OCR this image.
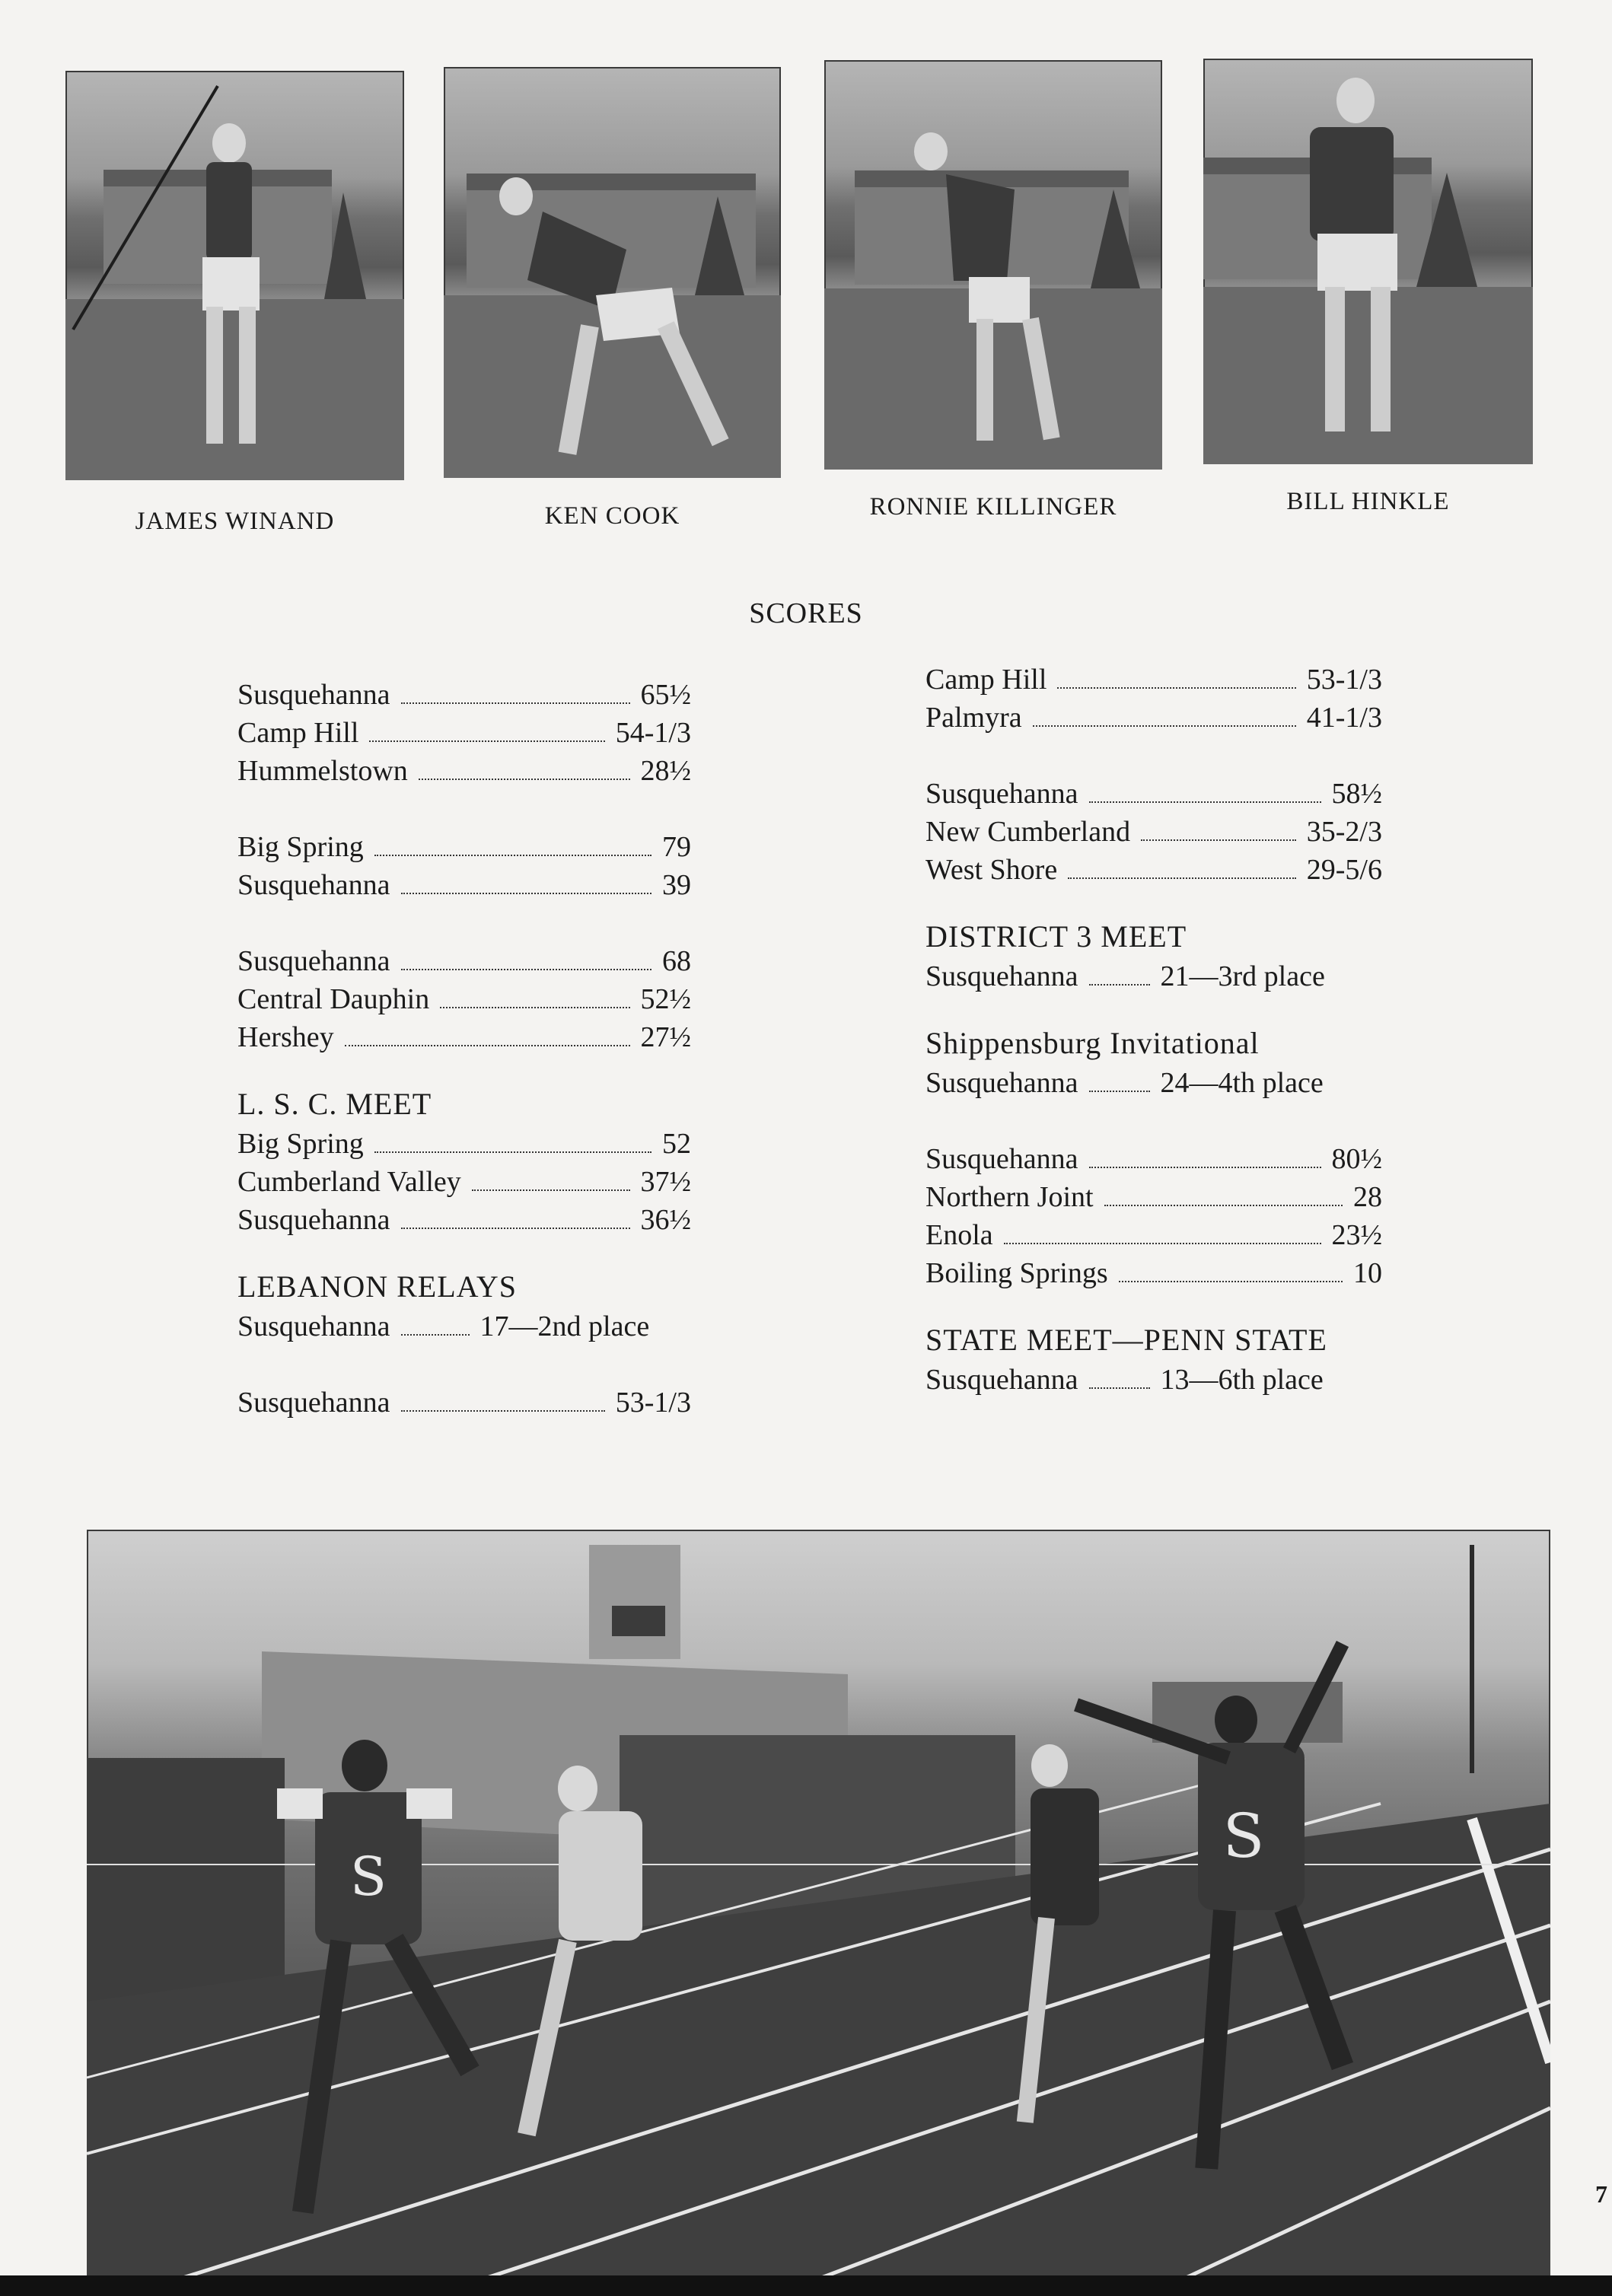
JAMES WINAND	KEN COOK	RONNIE KILLINGER	BILL HINKLE
SCORES
Susquehanna	65½
Camp Hill	54-1/3
Hummelstown	28½
Big Spring	79
Susquehanna	39
Susquehanna	68
Central Dauphin	52½
Hershey	27½
L. S. C. MEET
Big Spring	52
Cumberland Valley	37½
Susquehanna	36½
LEBANON RELAYS
Susquehanna	17—2nd place
Susquehanna	53-1/3
Camp Hill	53-1/3
Palmyra	41-1/3
Susquehanna	58½
New Cumberland	35-2/3
West Shore	29-5/6
DISTRICT 3 MEET
Susquehanna	21—3rd place
Shippensburg Invitational
Susquehanna	24—4th place
Susquehanna	80½
Northern Joint	28
Enola	23½
Boiling Springs	10
STATE MEET—PENN STATE
Susquehanna	13—6th place
S
S
7
